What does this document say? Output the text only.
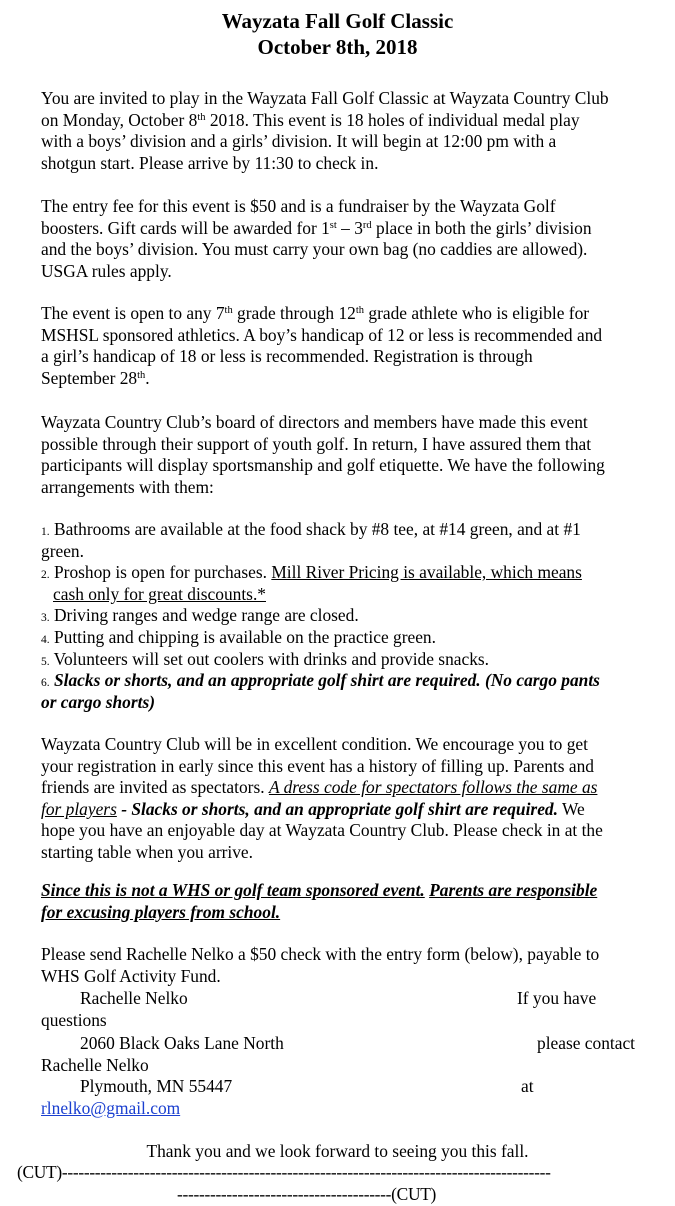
Wayzata Fall Golf Classic
October 8th, 2018
You are invited to play in the Wayzata Fall Golf Classic at Wayzata Country Club
on Monday, October 8th 2018. This event is 18 holes of individual medal play
with a boys’ division and a girls’ division. It will begin at 12:00 pm with a
shotgun start. Please arrive by 11:30 to check in.
The entry fee for this event is $50 and is a fundraiser by the Wayzata Golf
boosters. Gift cards will be awarded for 1st – 3rd place in both the girls’ division
and the boys’ division. You must carry your own bag (no caddies are allowed).
USGA rules apply.
The event is open to any 7th grade through 12th grade athlete who is eligible for
MSHSL sponsored athletics. A boy’s handicap of 12 or less is recommended and
a girl’s handicap of 18 or less is recommended. Registration is through
September 28th.
Wayzata Country Club’s board of directors and members have made this event
possible through their support of youth golf. In return, I have assured them that
participants will display sportsmanship and golf etiquette. We have the following
arrangements with them:
1. Bathrooms are available at the food shack by #8 tee, at #14 green, and at #1
green.
2. Proshop is open for purchases. Mill River Pricing is available, which means
cash only for great discounts.*
3. Driving ranges and wedge range are closed.
4. Putting and chipping is available on the practice green.
5. Volunteers will set out coolers with drinks and provide snacks.
6. Slacks or shorts, and an appropriate golf shirt are required. (No cargo pants
or cargo shorts)
Wayzata Country Club will be in excellent condition. We encourage you to get
your registration in early since this event has a history of filling up. Parents and
friends are invited as spectators. A dress code for spectators follows the same as
for players - Slacks or shorts, and an appropriate golf shirt are required. We
hope you have an enjoyable day at Wayzata Country Club. Please check in at the
starting table when you arrive.
Since this is not a WHS or golf team sponsored event. Parents are responsible
for excusing players from school.
Please send Rachelle Nelko a $50 check with the entry form (below), payable to
WHS Golf Activity Fund.
Rachelle Nelko	If you have
questions
2060 Black Oaks Lane North	please contact
Rachelle Nelko
Plymouth, MN 55447	at
rlnelko@gmail.com
Thank you and we look forward to seeing you this fall.
(CUT)-----------------------------------------------------------------------------------------
---------------------------------------(CUT)
